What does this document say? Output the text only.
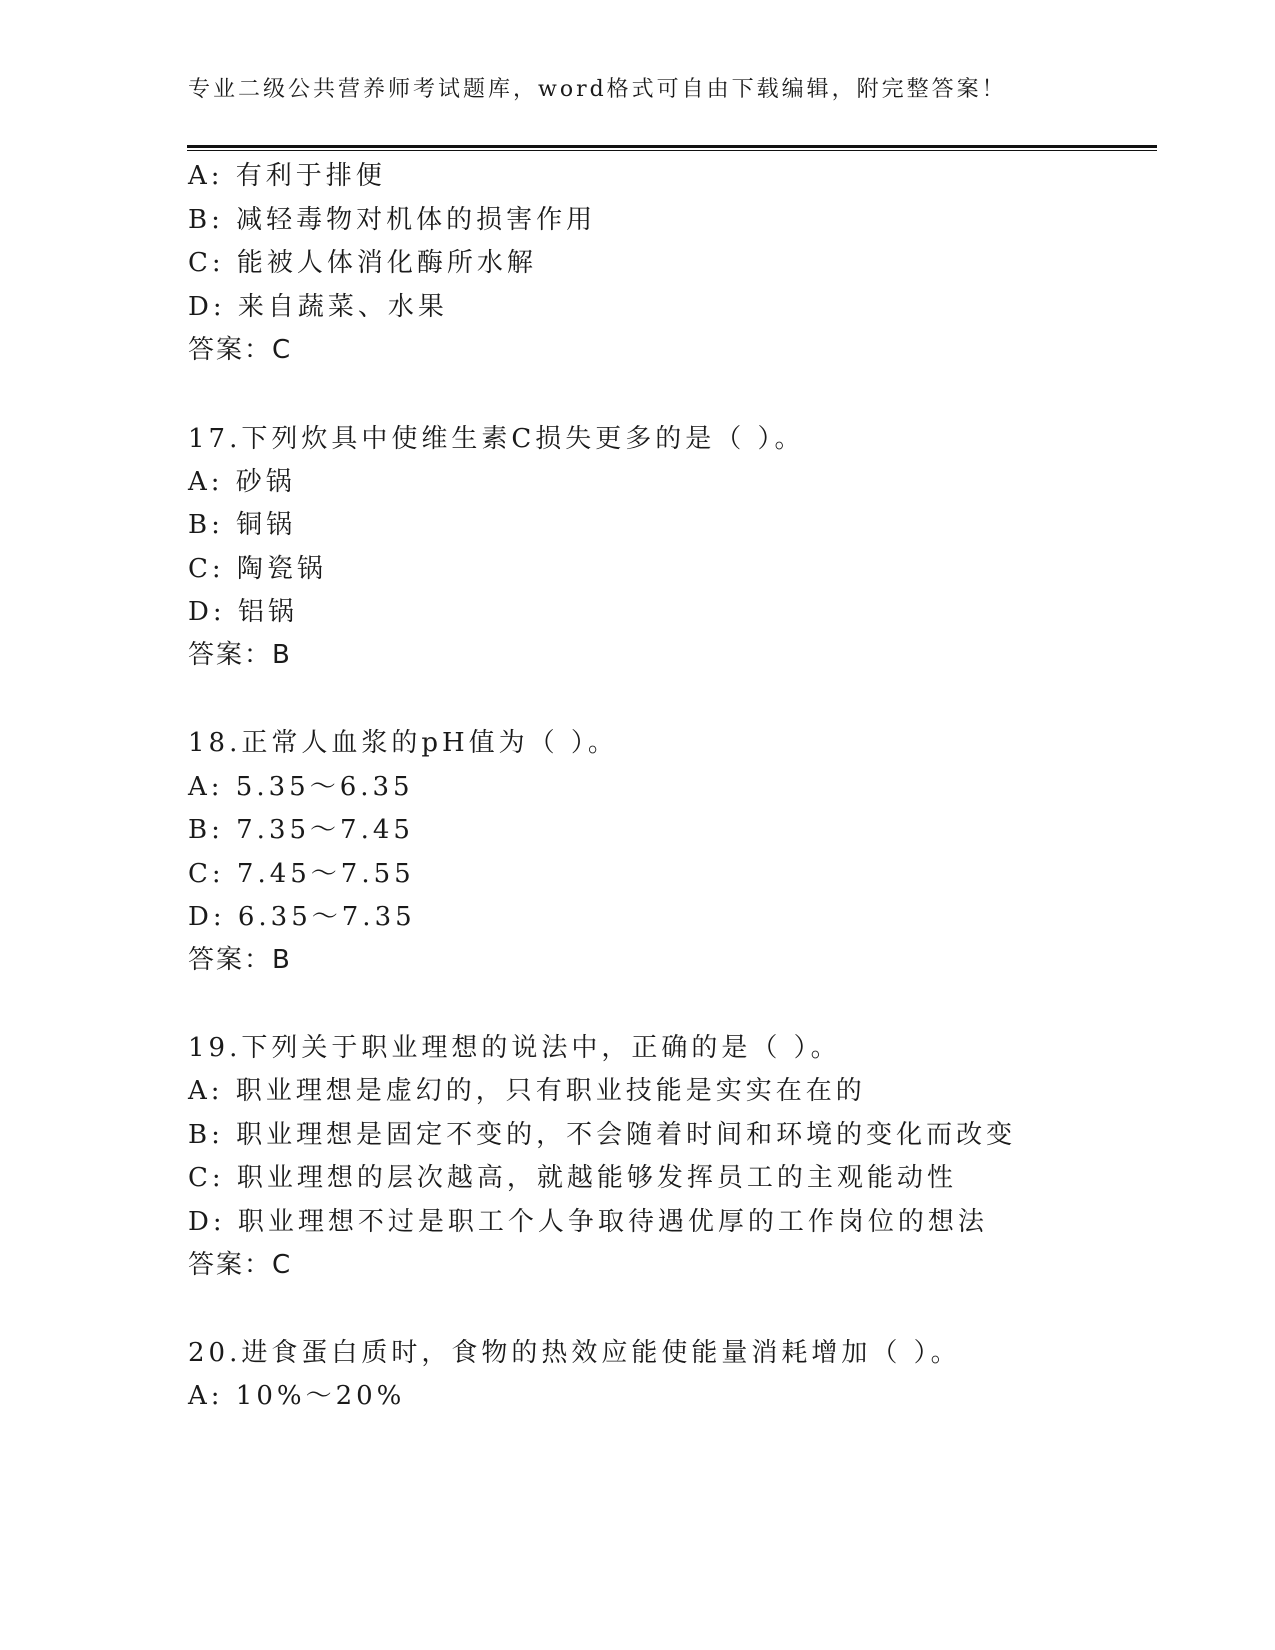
专业二级公共营养师考试题库，word格式可自由下载编辑，附完整答案！
A: 有利于排便
B: 减轻毒物对机体的损害作用
C: 能被人体消化酶所水解
D: 来自蔬菜、水果
答案：C
17.下列炊具中使维生素C损失更多的是（ ）。
A: 砂锅
B: 铜锅
C: 陶瓷锅
D: 铝锅
答案：B
18.正常人血浆的pH值为（ ）。
A: 5.35～6.35
B: 7.35～7.45
C: 7.45～7.55
D: 6.35～7.35
答案：B
19.下列关于职业理想的说法中，正确的是（ ）。
A: 职业理想是虚幻的，只有职业技能是实实在在的
B: 职业理想是固定不变的，不会随着时间和环境的变化而改变
C: 职业理想的层次越高，就越能够发挥员工的主观能动性
D: 职业理想不过是职工个人争取待遇优厚的工作岗位的想法
答案：C
20.进食蛋白质时，食物的热效应能使能量消耗增加（ ）。
A: 10%～20%
